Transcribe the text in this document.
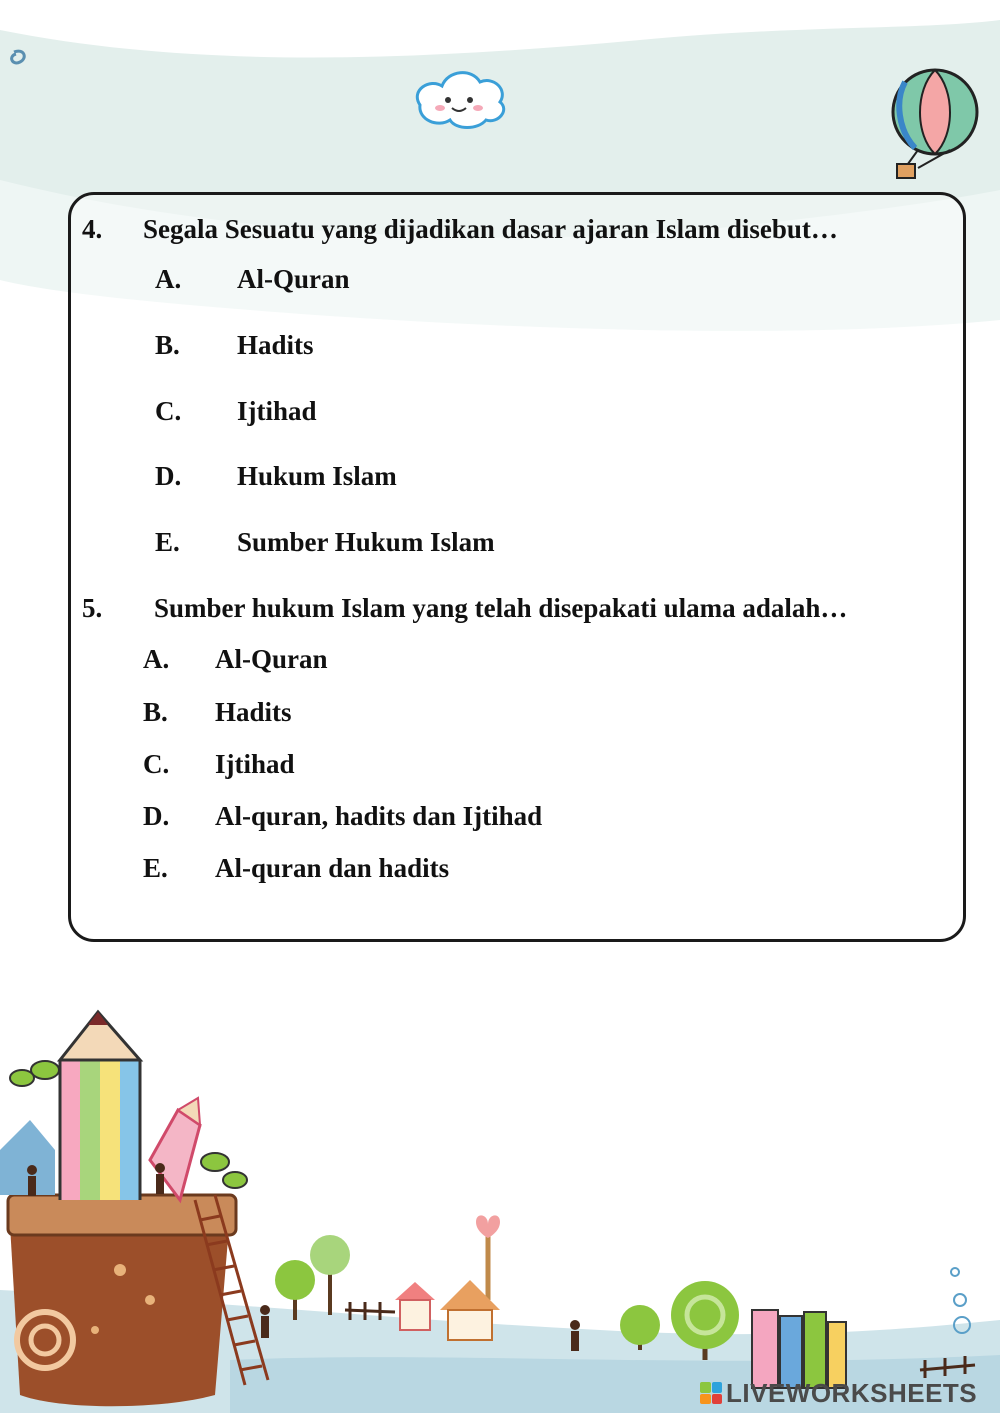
4. Segala Sesuatu yang dijadikan dasar ajaran Islam disebut…
A. Al-Quran
B. Hadits
C. Ijtihad
D. Hukum Islam
E. Sumber Hukum Islam
5. Sumber hukum Islam yang telah disepakati ulama adalah…
A. Al-Quran
B. Hadits
C. Ijtihad
D. Al-quran, hadits dan Ijtihad
E. Al-quran dan hadits
LIVEWORKSHEETS
